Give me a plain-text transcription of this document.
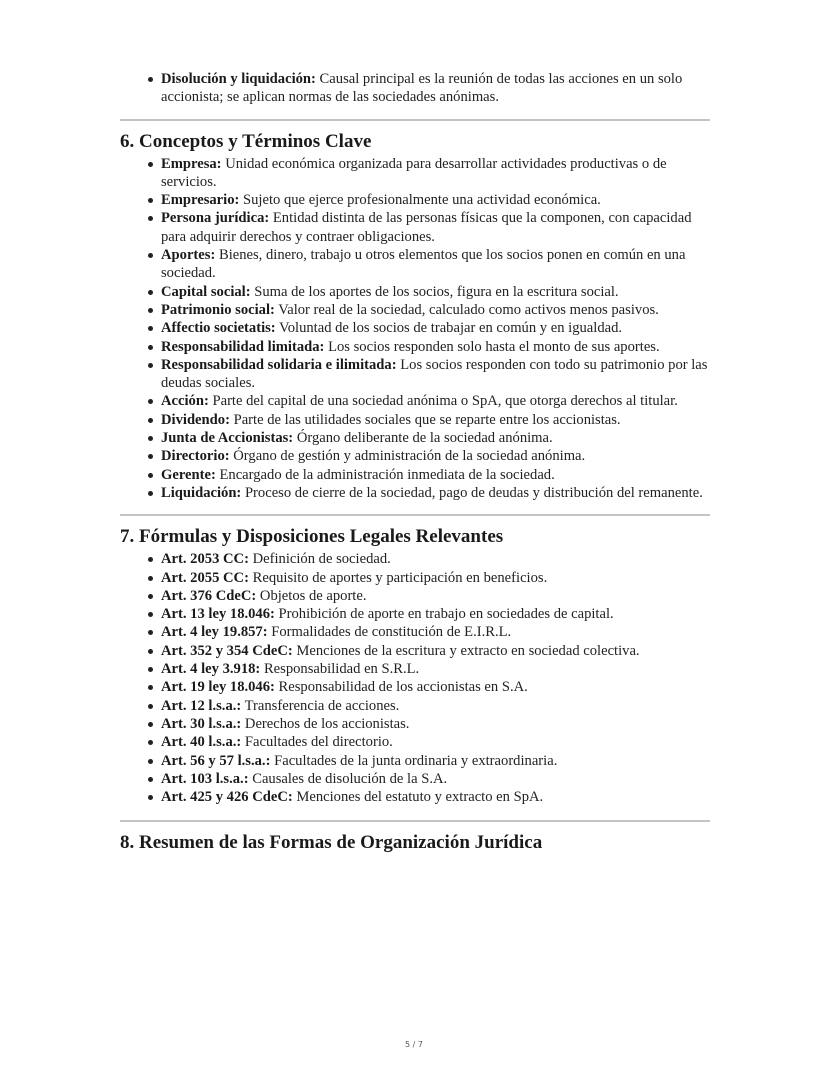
Disolución y liquidación: Causal principal es la reunión de todas las acciones en un solo accionista; se aplican normas de las sociedades anónimas.
6. Conceptos y Términos Clave
Empresa: Unidad económica organizada para desarrollar actividades productivas o de servicios.
Empresario: Sujeto que ejerce profesionalmente una actividad económica.
Persona jurídica: Entidad distinta de las personas físicas que la componen, con capacidad para adquirir derechos y contraer obligaciones.
Aportes: Bienes, dinero, trabajo u otros elementos que los socios ponen en común en una sociedad.
Capital social: Suma de los aportes de los socios, figura en la escritura social.
Patrimonio social: Valor real de la sociedad, calculado como activos menos pasivos.
Affectio societatis: Voluntad de los socios de trabajar en común y en igualdad.
Responsabilidad limitada: Los socios responden solo hasta el monto de sus aportes.
Responsabilidad solidaria e ilimitada: Los socios responden con todo su patrimonio por las deudas sociales.
Acción: Parte del capital de una sociedad anónima o SpA, que otorga derechos al titular.
Dividendo: Parte de las utilidades sociales que se reparte entre los accionistas.
Junta de Accionistas: Órgano deliberante de la sociedad anónima.
Directorio: Órgano de gestión y administración de la sociedad anónima.
Gerente: Encargado de la administración inmediata de la sociedad.
Liquidación: Proceso de cierre de la sociedad, pago de deudas y distribución del remanente.
7. Fórmulas y Disposiciones Legales Relevantes
Art. 2053 CC: Definición de sociedad.
Art. 2055 CC: Requisito de aportes y participación en beneficios.
Art. 376 CdeC: Objetos de aporte.
Art. 13 ley 18.046: Prohibición de aporte en trabajo en sociedades de capital.
Art. 4 ley 19.857: Formalidades de constitución de E.I.R.L.
Art. 352 y 354 CdeC: Menciones de la escritura y extracto en sociedad colectiva.
Art. 4 ley 3.918: Responsabilidad en S.R.L.
Art. 19 ley 18.046: Responsabilidad de los accionistas en S.A.
Art. 12 l.s.a.: Transferencia de acciones.
Art. 30 l.s.a.: Derechos de los accionistas.
Art. 40 l.s.a.: Facultades del directorio.
Art. 56 y 57 l.s.a.: Facultades de la junta ordinaria y extraordinaria.
Art. 103 l.s.a.: Causales de disolución de la S.A.
Art. 425 y 426 CdeC: Menciones del estatuto y extracto en SpA.
8. Resumen de las Formas de Organización Jurídica
5 / 7
